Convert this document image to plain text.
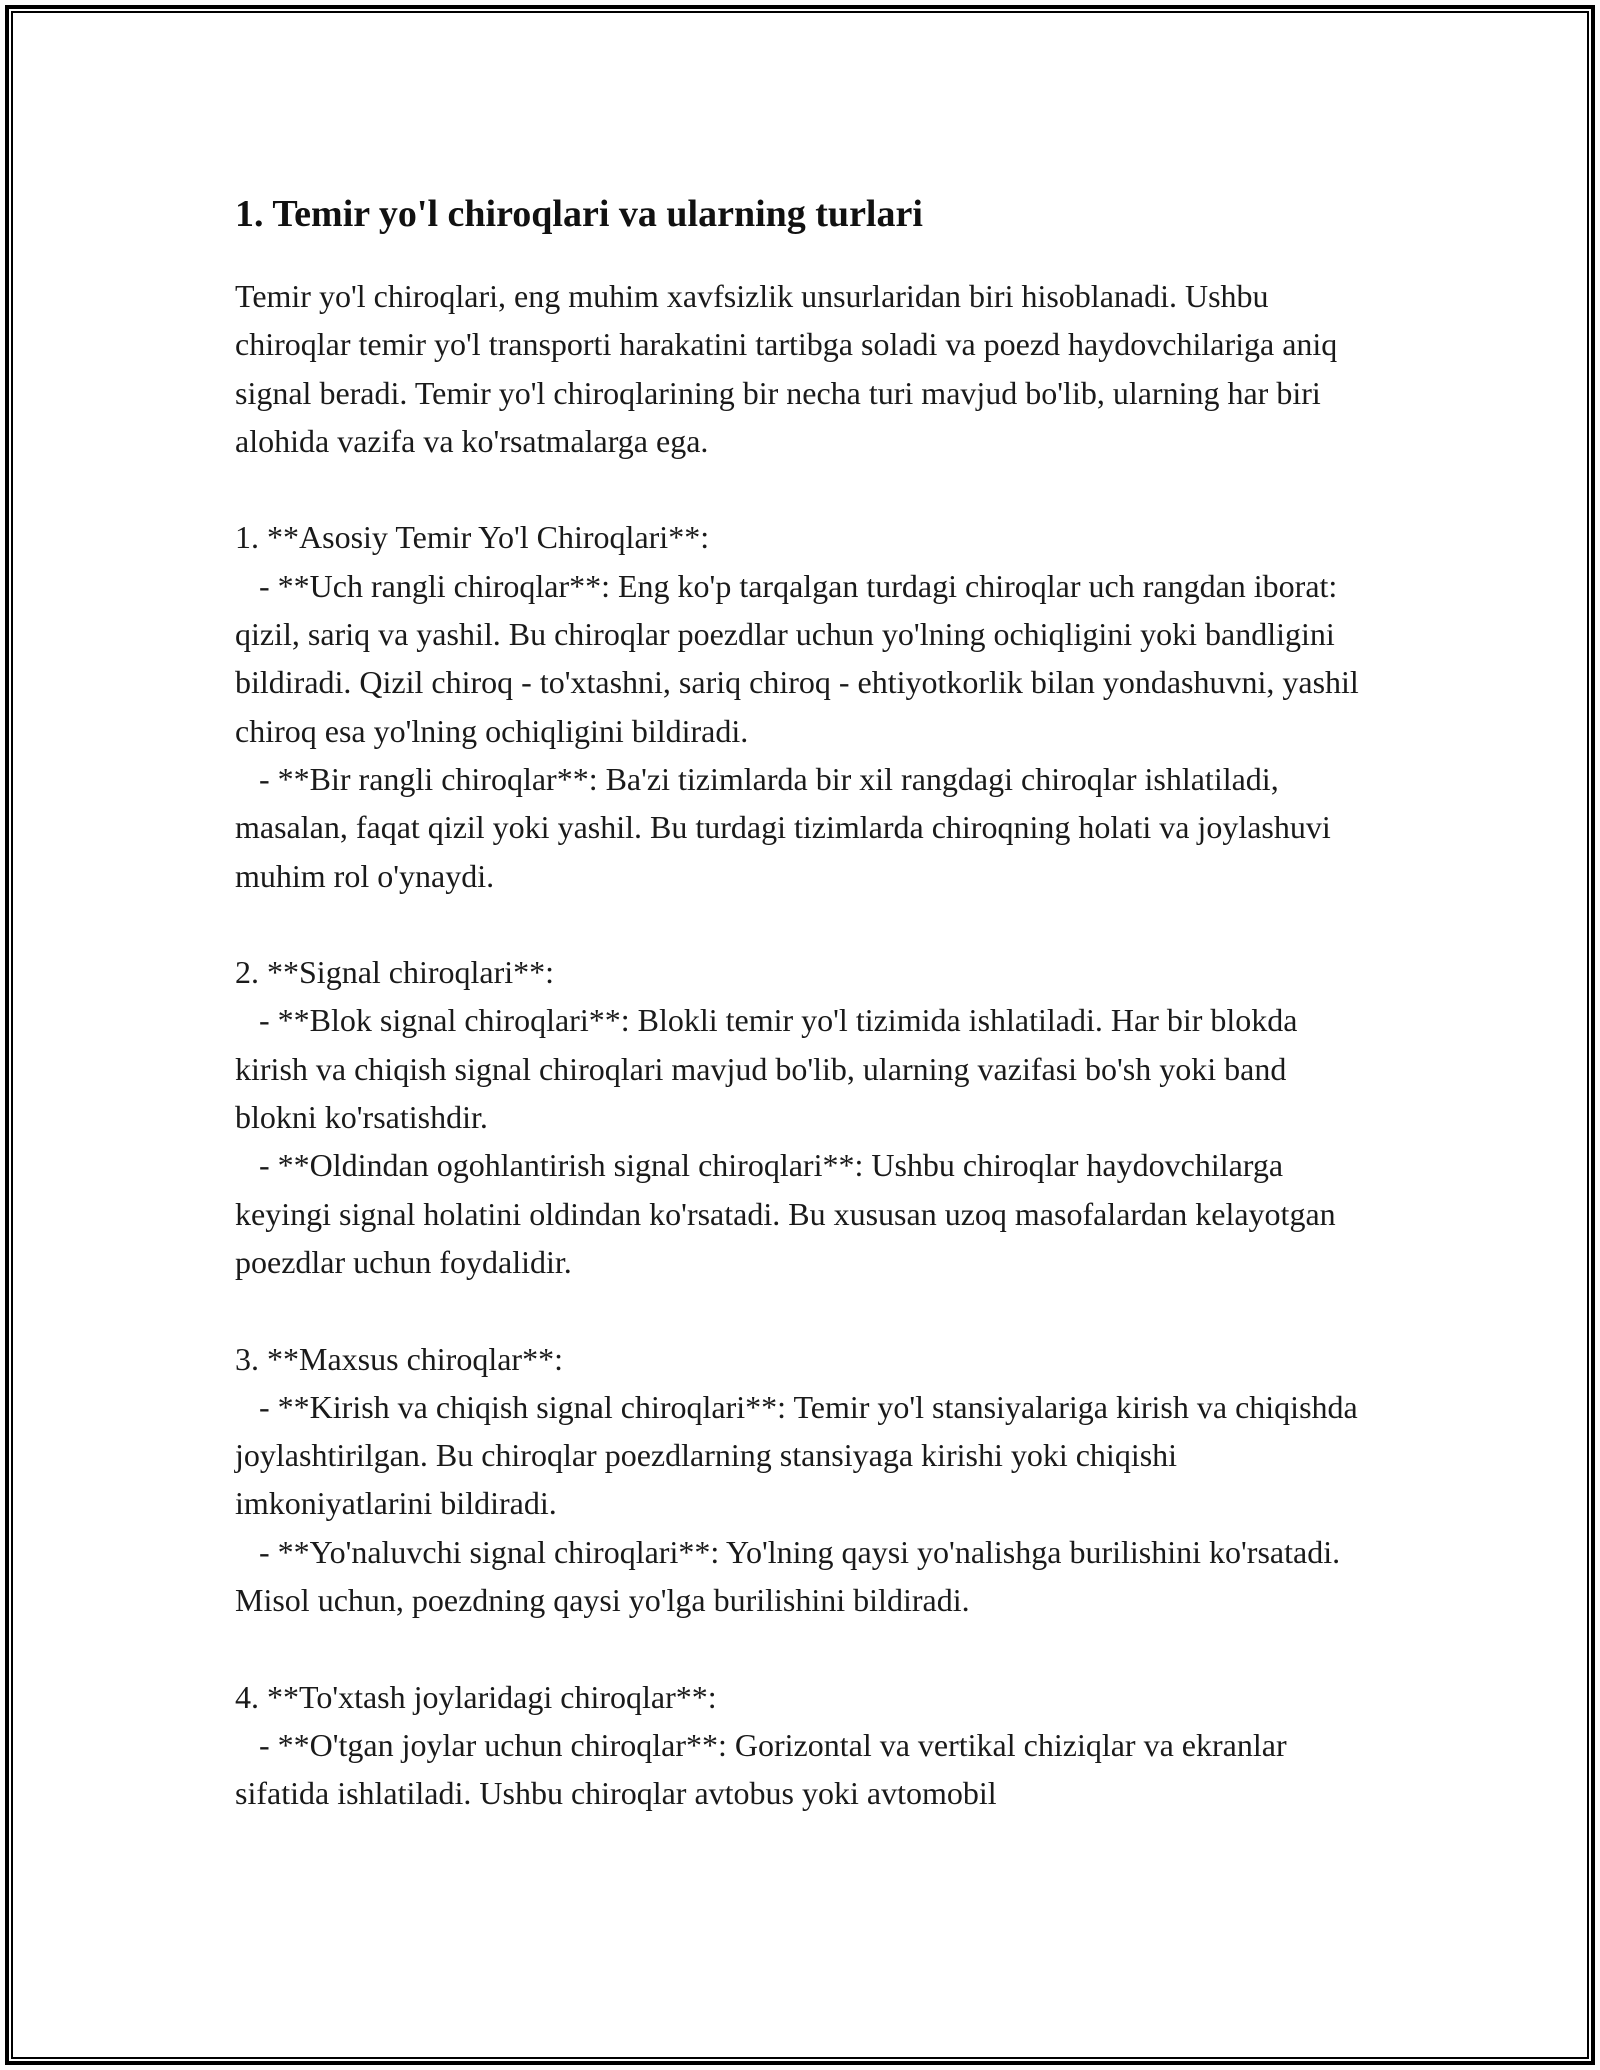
1. Temir yo'l chiroqlari va ularning turlari

Temir yo'l chiroqlari, eng muhim xavfsizlik unsurlaridan biri hisoblanadi. Ushbu chiroqlar temir yo'l transporti harakatini tartibga soladi va poezd haydovchilariga aniq signal beradi. Temir yo'l chiroqlarining bir necha turi mavjud bo'lib, ularning har biri alohida vazifa va ko'rsatmalarga ega.

1. **Asosiy Temir Yo'l Chiroqlari**:

- **Uch rangli chiroqlar**: Eng ko'p tarqalgan turdagi chiroqlar uch rangdan iborat: qizil, sariq va yashil. Bu chiroqlar poezdlar uchun yo'lning ochiqligini yoki bandligini bildiradi. Qizil chiroq - to'xtashni, sariq chiroq - ehtiyotkorlik bilan yondashuvni, yashil chiroq esa yo'lning ochiqligini bildiradi.

- **Bir rangli chiroqlar**: Ba'zi tizimlarda bir xil rangdagi chiroqlar ishlatiladi, masalan, faqat qizil yoki yashil. Bu turdagi tizimlarda chiroqning holati va joylashuvi muhim rol o'ynaydi.

2. **Signal chiroqlari**:

- **Blok signal chiroqlari**: Blokli temir yo'l tizimida ishlatiladi. Har bir blokda kirish va chiqish signal chiroqlari mavjud bo'lib, ularning vazifasi bo'sh yoki band blokni ko'rsatishdir.

- **Oldindan ogohlantirish signal chiroqlari**: Ushbu chiroqlar haydovchilarga keyingi signal holatini oldindan ko'rsatadi. Bu xususan uzoq masofalardan kelayotgan poezdlar uchun foydalidir.

3. **Maxsus chiroqlar**:

- **Kirish va chiqish signal chiroqlari**: Temir yo'l stansiyalariga kirish va chiqishda joylashtirilgan. Bu chiroqlar poezdlarning stansiyaga kirishi yoki chiqishi imkoniyatlarini bildiradi.

- **Yo'naluvchi signal chiroqlari**: Yo'lning qaysi yo'nalishga burilishini ko'rsatadi. Misol uchun, poezdning qaysi yo'lga burilishini bildiradi.

4. **To'xtash joylaridagi chiroqlar**:

- **O'tgan joylar uchun chiroqlar**: Gorizontal va vertikal chiziqlar va ekranlar sifatida ishlatiladi. Ushbu chiroqlar avtobus yoki avtomobil
